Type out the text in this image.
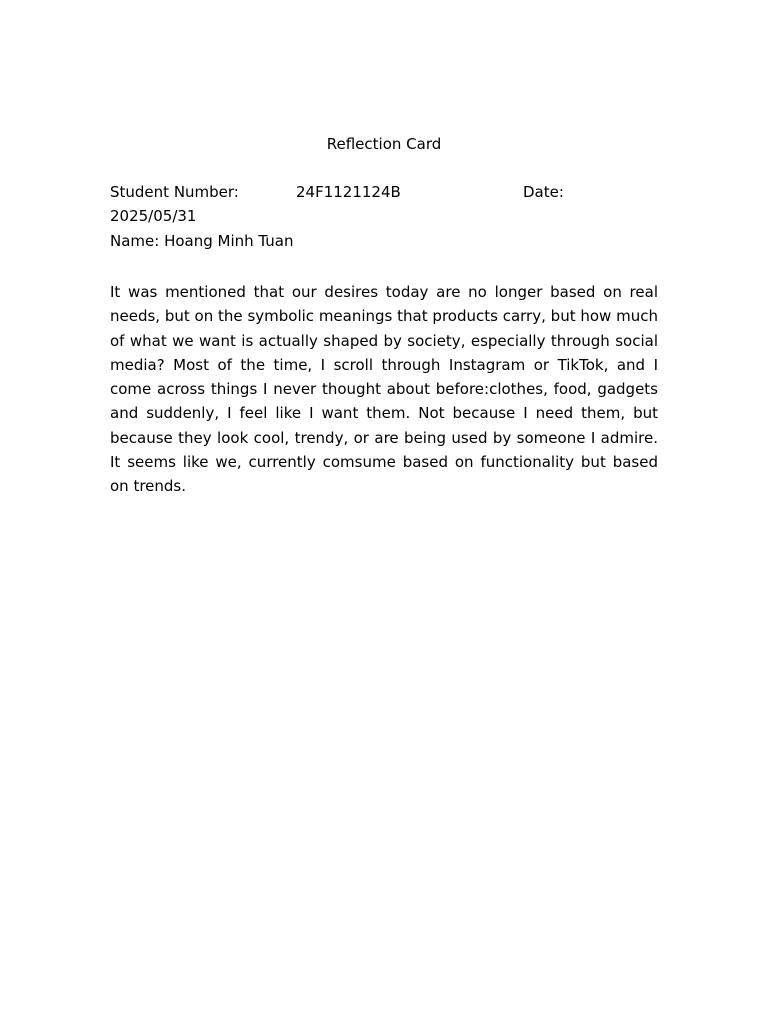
Reflection Card
Student Number:	24F1121124B	Date:
2025/05/31
Name: Hoang Minh Tuan

It was mentioned that our desires today are no longer based on real needs, but on the symbolic meanings that products carry, but how much of what we want is actually shaped by society, especially through social media? Most of the time, I scroll through Instagram or TikTok, and I come across things I never thought about before:clothes, food, gadgets and suddenly, I feel like I want them. Not because I need them, but because they look cool, trendy, or are being used by someone I admire. It seems like we, currently comsume based on functionality but based on trends.
